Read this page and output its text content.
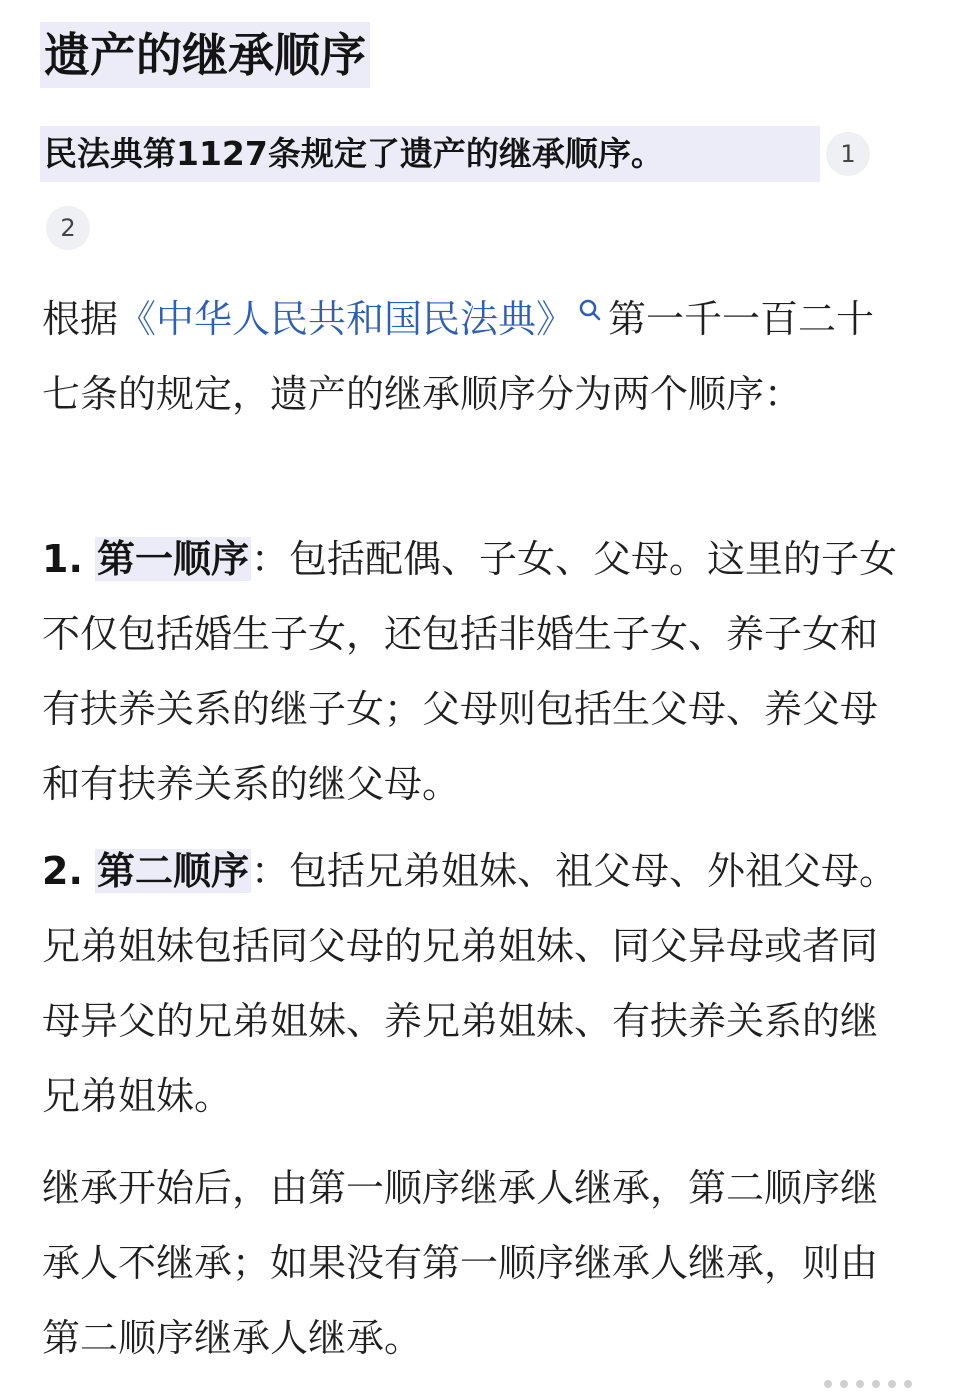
遗产的继承顺序
民法典第1127条规定了遗产的继承顺序。	1
2
根据《中华人民共和国民法典》 第一千一百二十七条的规定，遗产的继承顺序分为两个顺序：
1. 第一顺序：包括配偶、子女、父母。这里的子女不仅包括婚生子女，还包括非婚生子女、养子女和有扶养关系的继子女；父母则包括生父母、养父母和有扶养关系的继父母。
2. 第二顺序：包括兄弟姐妹、祖父母、外祖父母。兄弟姐妹包括同父母的兄弟姐妹、同父异母或者同母异父的兄弟姐妹、养兄弟姐妹、有扶养关系的继兄弟姐妹。
继承开始后，由第一顺序继承人继承，第二顺序继承人不继承；如果没有第一顺序继承人继承，则由第二顺序继承人继承。
